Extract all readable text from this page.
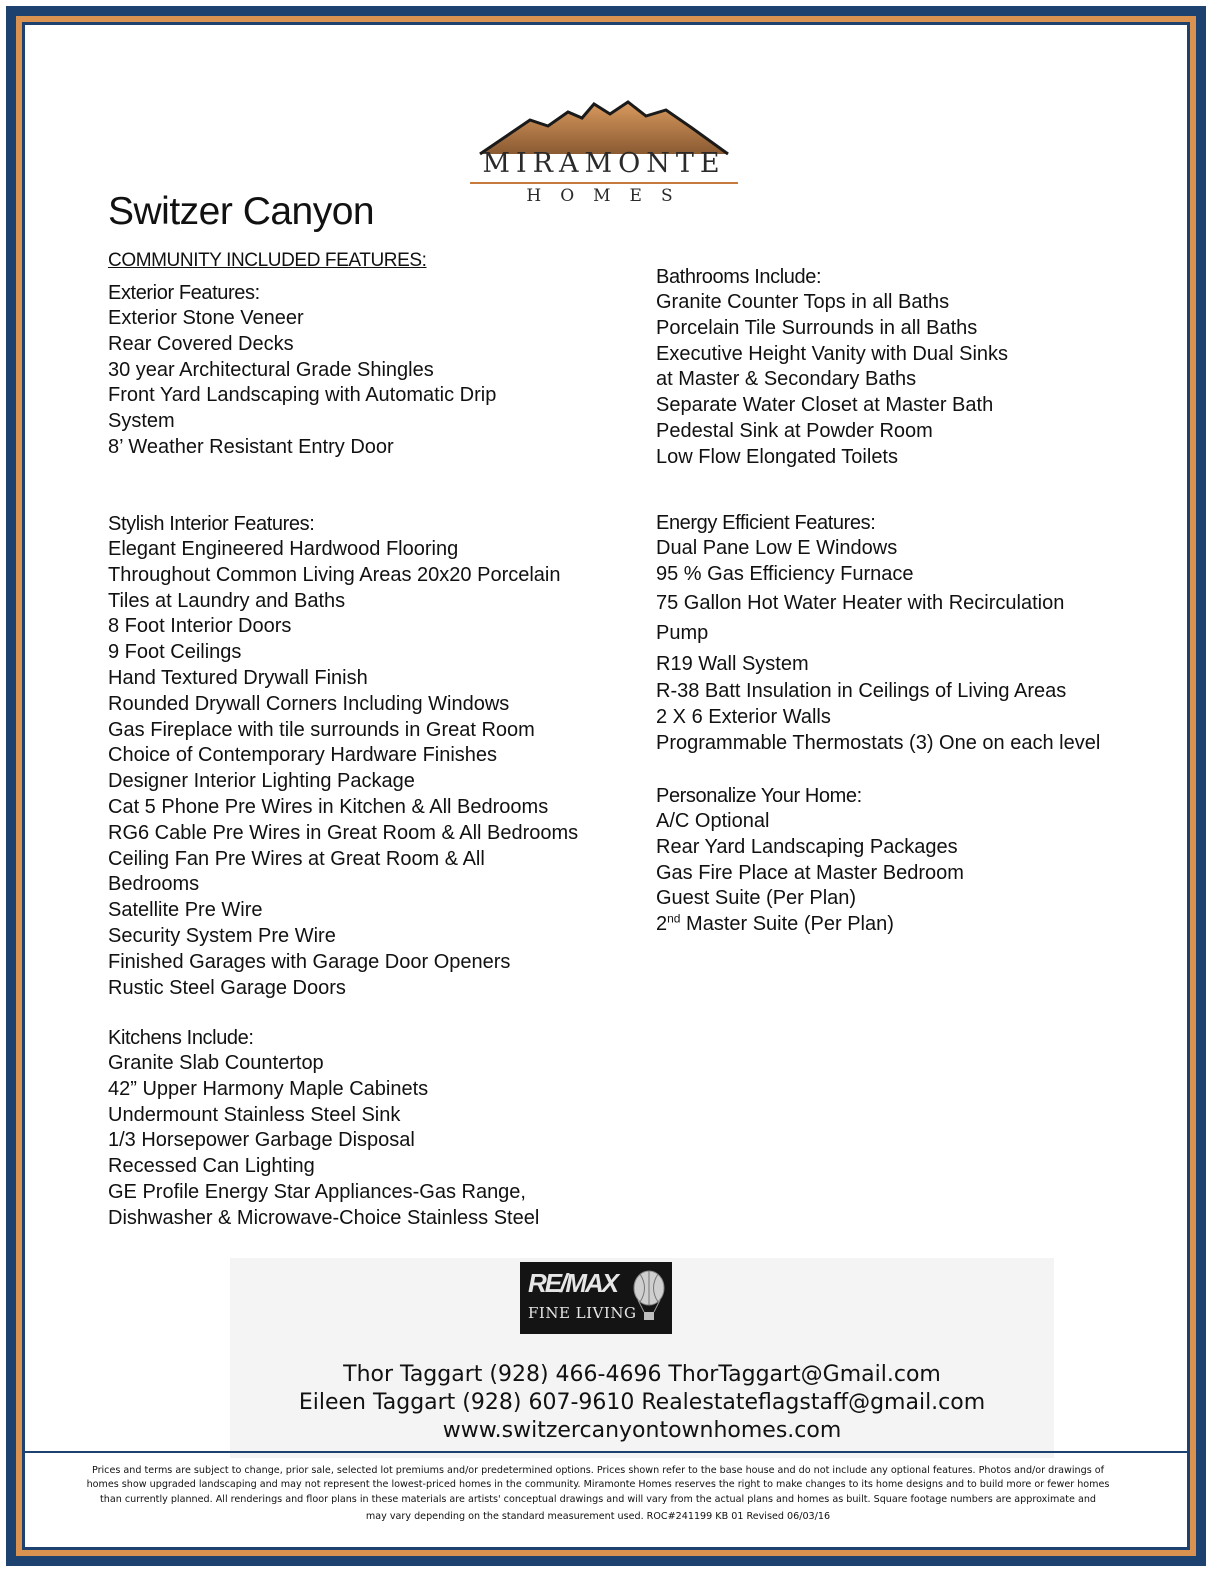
MIRAMONTE
HOMES
Switzer Canyon
COMMUNITY INCLUDED FEATURES:
Exterior Features:
Exterior Stone Veneer
Rear Covered Decks
30 year Architectural Grade Shingles
Front Yard Landscaping with Automatic Drip
System
8’ Weather Resistant Entry Door
Stylish Interior Features:
Elegant Engineered Hardwood Flooring
Throughout Common Living Areas 20x20 Porcelain
Tiles at Laundry and Baths
8 Foot Interior Doors
9 Foot Ceilings
Hand Textured Drywall Finish
Rounded Drywall Corners Including Windows
Gas Fireplace with tile surrounds in Great Room
Choice of Contemporary Hardware Finishes
Designer Interior Lighting Package
Cat 5 Phone Pre Wires in Kitchen & All Bedrooms
RG6 Cable Pre Wires in Great Room & All Bedrooms
Ceiling Fan Pre Wires at Great Room & All
Bedrooms
Satellite Pre Wire
Security System Pre Wire
Finished Garages with Garage Door Openers
Rustic Steel Garage Doors
Kitchens Include:
Granite Slab Countertop
42” Upper Harmony Maple Cabinets
Undermount Stainless Steel Sink
1/3 Horsepower Garbage Disposal
Recessed Can Lighting
GE Profile Energy Star Appliances-Gas Range,
Dishwasher & Microwave-Choice Stainless Steel
Bathrooms Include:
Granite Counter Tops in all Baths
Porcelain Tile Surrounds in all Baths
Executive Height Vanity with Dual Sinks
at Master & Secondary Baths
Separate Water Closet at Master Bath
Pedestal Sink at Powder Room
Low Flow Elongated Toilets
Energy Efficient Features:
Dual Pane Low E Windows
95 % Gas Efficiency Furnace
75 Gallon Hot Water Heater with Recirculation
Pump
R19 Wall System
R-38 Batt Insulation in Ceilings of Living Areas
2 X 6 Exterior Walls
Programmable Thermostats (3) One on each level
Personalize Your Home:
A/C Optional
Rear Yard Landscaping Packages
Gas Fire Place at Master Bedroom
Guest Suite (Per Plan)
2nd Master Suite (Per Plan)
RE/MAX
FINE LIVING
Thor Taggart (928) 466-4696 ThorTaggart@Gmail.com
Eileen Taggart (928) 607-9610 Realestateflagstaff@gmail.com
www.switzercanyontownhomes.com
Prices and terms are subject to change, prior sale, selected lot premiums and/or predetermined options. Prices shown refer to the base house and do not include any optional features. Photos and/or drawings of
homes show upgraded landscaping and may not represent the lowest-priced homes in the community. Miramonte Homes reserves the right to make changes to its home designs and to build more or fewer homes
than currently planned. All renderings and floor plans in these materials are artists' conceptual drawings and will vary from the actual plans and homes as built. Square footage numbers are approximate and
may vary depending on the standard measurement used. ROC#241199 KB 01 Revised 06/03/16
